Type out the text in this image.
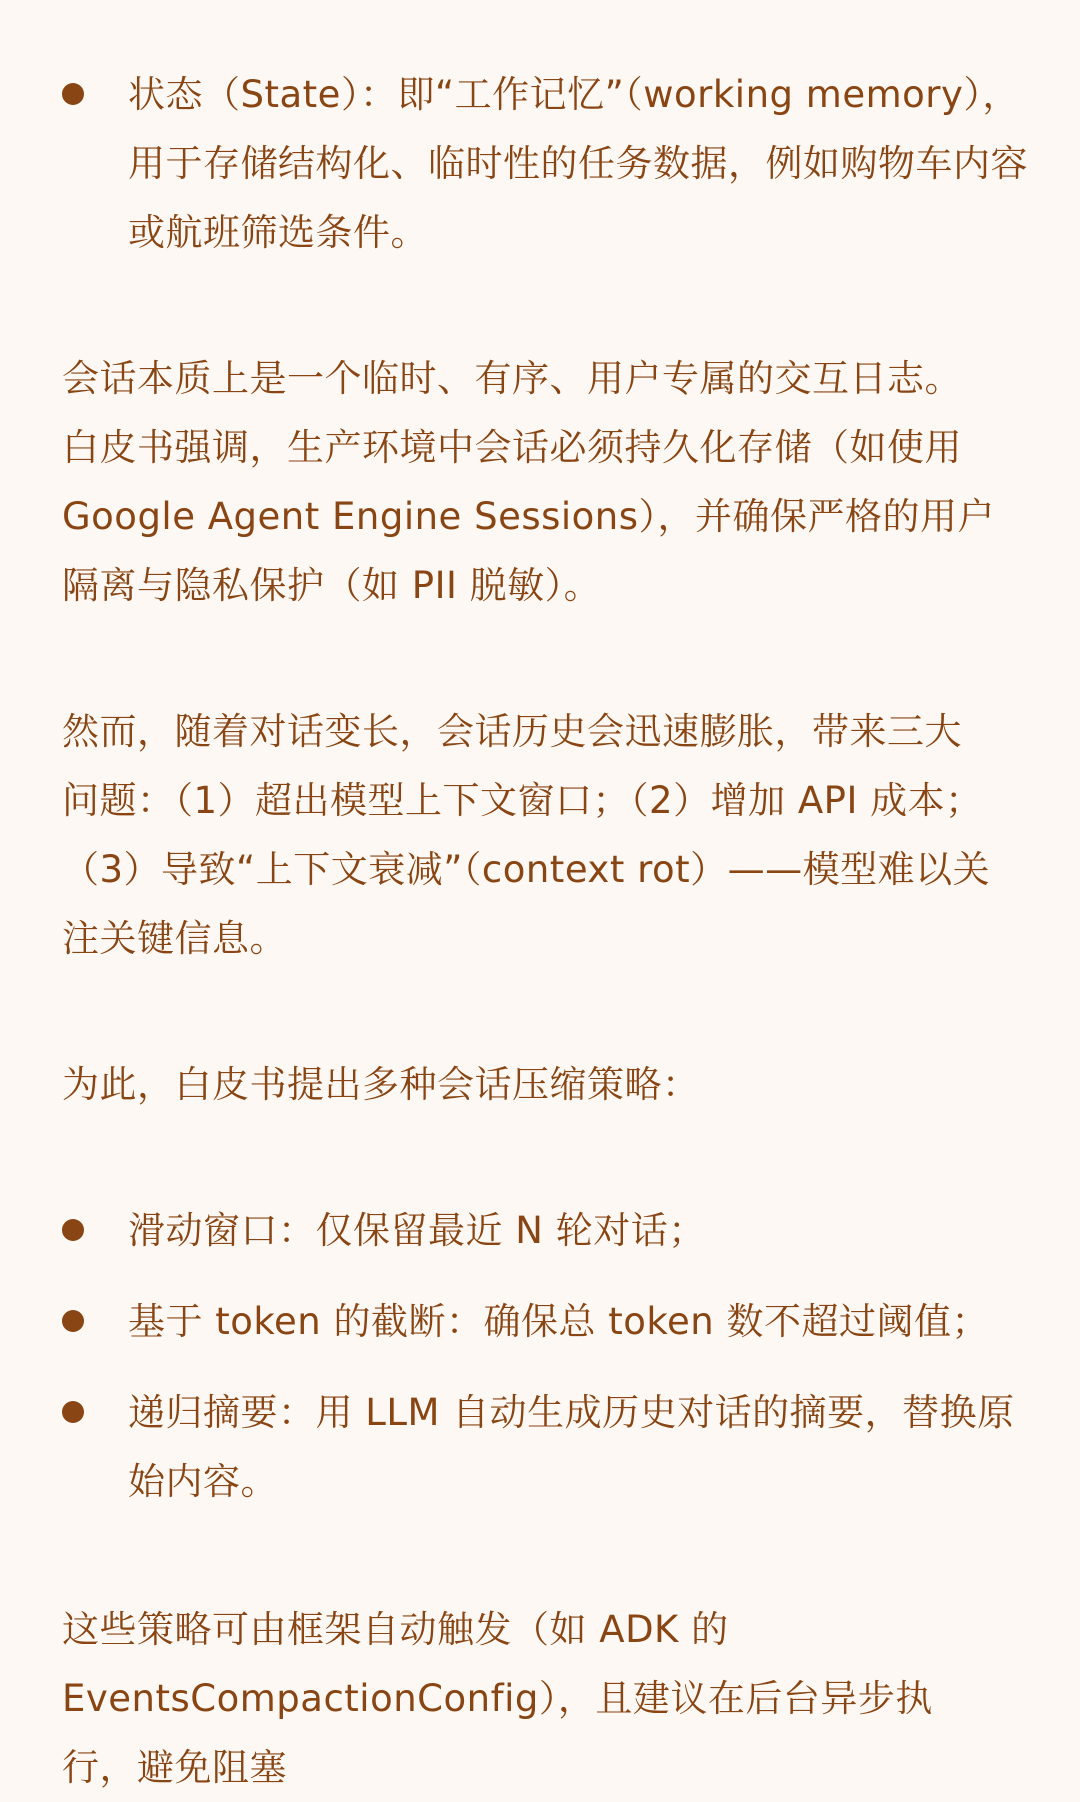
状态（State）：即“工作记忆”（working memory），用于存储结构化、临时性的任务数据，例如购物车内容或航班筛选条件。

会话本质上是一个临时、有序、用户专属的交互日志。白皮书强调，生产环境中会话必须持久化存储（如使用 Google Agent Engine Sessions），并确保严格的用户隔离与隐私保护（如 PII 脱敏）。

然而，随着对话变长，会话历史会迅速膨胀，带来三大问题：（1）超出模型上下文窗口；（2）增加 API 成本；（3）导致“上下文衰减”（context rot）——模型难以关注关键信息。

为此，白皮书提出多种会话压缩策略：

滑动窗口：仅保留最近 N 轮对话；
基于 token 的截断：确保总 token 数不超过阈值；
递归摘要：用 LLM 自动生成历史对话的摘要，替换原始内容。

这些策略可由框架自动触发（如 ADK 的 EventsCompactionConfig），且建议在后台异步执行，避免阻塞
